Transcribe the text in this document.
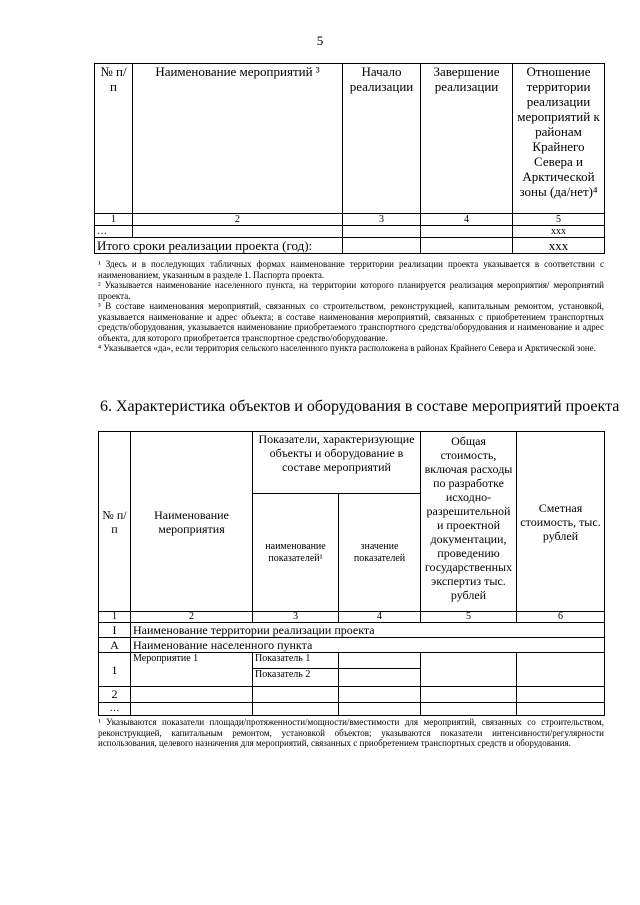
5
№ п/п	Наименование мероприятий ³	Начало реализации	Завершение реализации	Отношение территории реализации мероприятий к районам Крайнего Севера и Арктической зоны (да/нет)⁴
1	2	3	4	5
…				ххх
Итого сроки реализации проекта (год):				ххх

¹ Здесь и в последующих табличных формах наименование территории реализации проекта указывается в соответствии с наименованием, указанным в разделе 1. Паспорта проекта.

² Указывается наименование населенного пункта, на территории которого планируется реализация мероприятия/ мероприятий проекта.

³ В составе наименования мероприятий, связанных со строительством, реконструкцией, капитальным ремонтом, установкой, указывается наименование и адрес объекта; в составе наименования мероприятий, связанных с приобретением транспортных средств/оборудования, указывается наименование приобретаемого транспортного средства/оборудования и наименование и адрес объекта, для которого приобретается транспортное средство/оборудование.

⁴ Указывается «да», если территория сельского населенного пункта расположена в районах Крайнего Севера и Арктической зоне.

6. Характеристика объектов и оборудования в составе мероприятий проекта
№ п/п	Наименование мероприятия	Показатели, характеризующие объекты и оборудование в составе мероприятий		Общая стоимость, включая расходы по разработке исходно-разрешительной и проектной документации, проведению государственных экспертиз тыс. рублей	Сметная стоимость, тыс. рублей
		наименование показателей¹	значение показателей		
1	2	3	4	5	6
I	Наименование территории реализации проекта				
А	Наименование населенного пункта				
1	Мероприятие 1	Показатель 1			
		Показатель 2			
2					
…					

¹ Указываются показатели площади/протяженности/мощности/вместимости для мероприятий, связанных со строительством, реконструкцией, капитальным ремонтом, установкой объектов; указываются показатели интенсивности/регулярности использования, целевого назначения для мероприятий, связанных с приобретением транспортных средств и оборудования.
